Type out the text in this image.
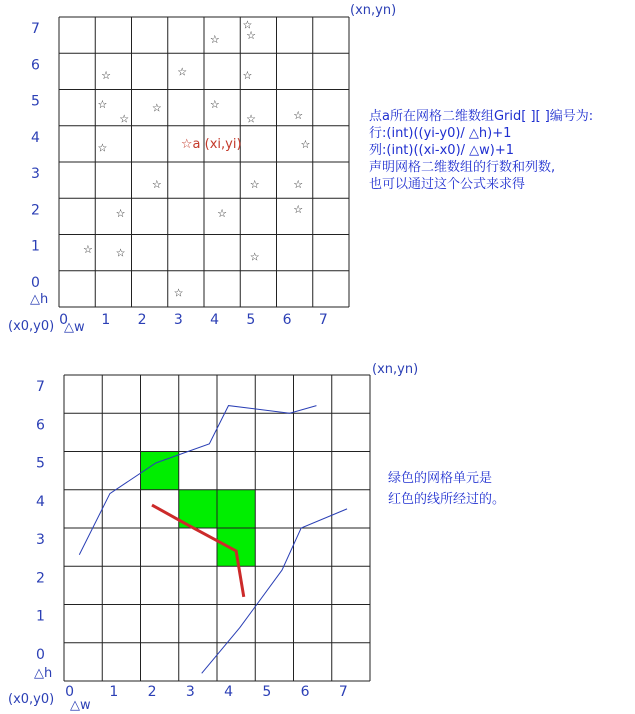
☆
☆
☆
☆	☆	☆
☆	☆	☆
☆	☆	☆
☆	☆
☆	☆	☆
☆	☆	☆
☆ ☆	☆
☆
☆a (xi,yi)
7
6
5
4
3
2
1
0
0 1 2 3 4 5 6 7
(xn,yn)
(x0,y0)
△h
△w
点a所在网格二维数组Grid[ ][ ]编号为:
行:(int)((yi-y0)/ △h)+1
列:(int)((xi-x0)/ △w)+1
声明网格二维数组的行数和列数,
也可以通过这个公式来求得
7
6
5
4
3
2
1
0
0	1 2 3 4 5 6 7
(xn,yn)
(x0,y0)
△h
△w
绿色的网格单元是
红色的线所经过的。
